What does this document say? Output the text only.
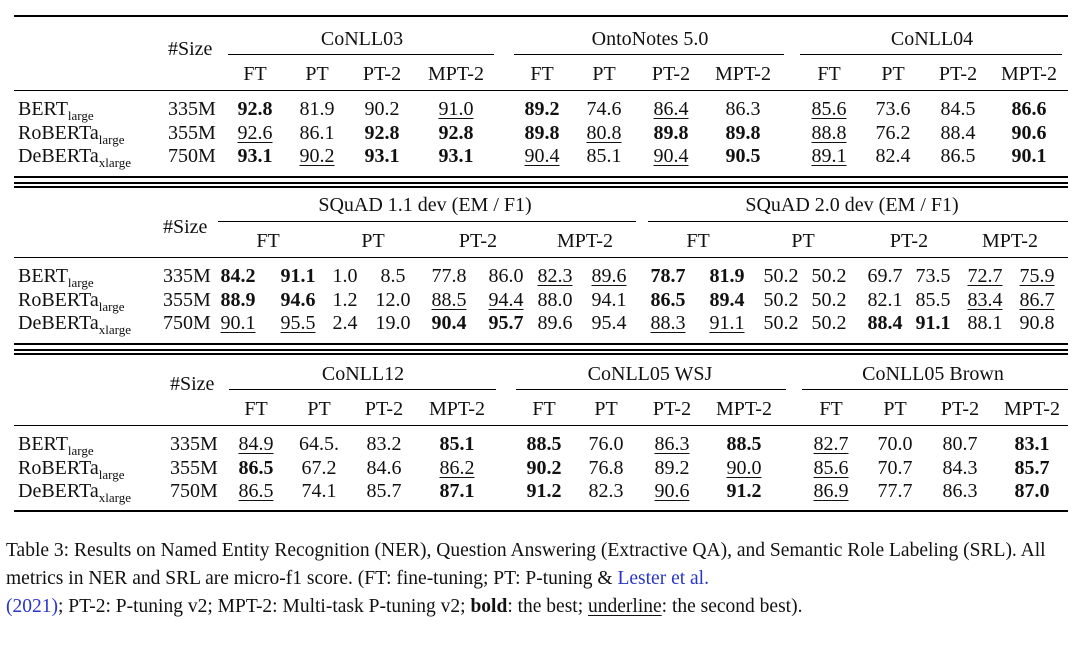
#Size	CoNLL03	OntoNotes 5.0	CoNLL04
FT PT PT-2 MPT-2 FT PT PT-2 MPT-2 FT PT PT-2 MPT-2
#Size
SQuAD 1.1 dev (EM / F1)	SQuAD 2.0 dev (EM / F1)
FT	PT	PT-2	MPT-2	FT	PT	PT-2	MPT-2
#Size	CoNLL12	CoNLL05 WSJ	CoNLL05 Brown
FT PT PT-2 MPT-2 FT PT PT-2 MPT-2 FT PT PT-2 MPT-2
$BERT_{large}$	335M 92.8 81.9 90.2 91.0	89.2 74.6 86.4 86.3	85.6 73.6 84.5 86.6
RoBERTa$_{large}$ 355M 92.6 86.1 92.8 92.8	89.8 80.8 89.8 89.8	88.8 76.2 88.4 90.6
DeBERTa$_{xlarge}$ 750M 93.1 90.2 93.1 93.1	90.4 85.1 90.4 90.5	89.1 82.4 86.5 90.1
$BERT_{large}$	335M 84.2 91.1 1.0 8.5 77.8 86.0 82.3 89.6 78.7 81.9 50.2 50.2 69.7 73.5 72.7 75.9
RoBERTa$_{large}$ 355M 88.9 94.6 1.2 12.0 88.5 94.4 88.0 94.1 86.5 89.4 50.2 50.2 82.1 85.5 83.4 86.7
DeBERTa$_{xlarge}$ 750M 90.1 95.5 2.4 19.0 90.4 95.7 89.6 95.4 88.3 91.1 50.2 50.2 88.4 91.1 88.1 90.8
$BERT_{large}$	335M 84.9 64.5. 83.2 85.1	88.5 76.0 86.3 88.5	82.7 70.0 80.7 83.1
RoBERTa$_{large}$ 355M 86.5 67.2 84.6 86.2	90.2 76.8 89.2 90.0	85.6 70.7 84.3 85.7
DeBERTa$_{xlarge}$ 750M 86.5 74.1 85.7 87.1	91.2 82.3 90.6 91.2	86.9 77.7 86.3 87.0
Table 3: Results on Named Entity Recognition (NER), Question Answering (Extractive QA), and Semantic Role Labeling (SRL). All metrics in NER and SRL are micro-f1 score. (FT: fine-tuning; PT: P-tuning & Lester et al.
(2021); PT-2: P-tuning v2; MPT-2: Multi-task P-tuning v2; bold: the best; underline: the second best).
